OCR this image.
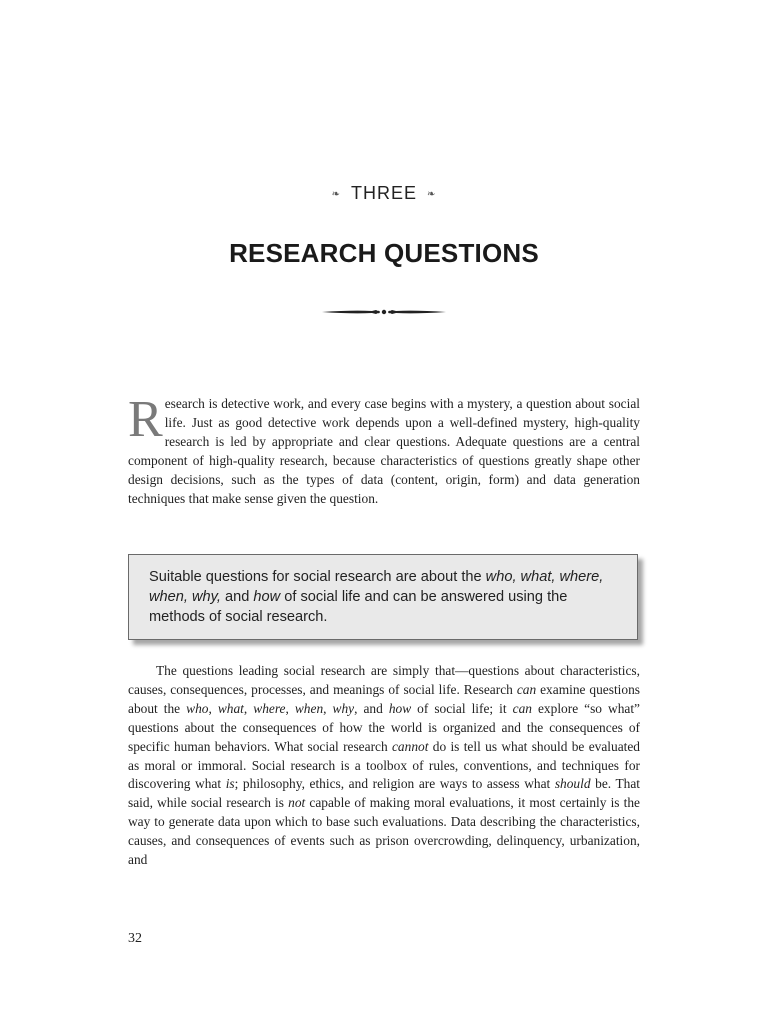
❧ THREE ❧
RESEARCH QUESTIONS
Research is detective work, and every case begins with a mystery, a question about social life. Just as good detective work depends upon a well-defined mystery, high-quality research is led by appropriate and clear questions. Adequate questions are a central component of high-quality research, because characteristics of questions greatly shape other design decisions, such as the types of data (content, origin, form) and data generation techniques that make sense given the question.
Suitable questions for social research are about the who, what, where, when, why, and how of social life and can be answered using the methods of social research.
The questions leading social research are simply that—questions about characteristics, causes, consequences, processes, and meanings of social life. Research can examine questions about the who, what, where, when, why, and how of social life; it can explore “so what” questions about the consequences of how the world is organized and the consequences of specific human behaviors. What social research cannot do is tell us what should be evaluated as moral or immoral. Social research is a toolbox of rules, conventions, and techniques for discovering what is; philosophy, ethics, and religion are ways to assess what should be. That said, while social research is not capable of making moral evaluations, it most certainly is the way to generate data upon which to base such evaluations. Data describing the characteristics, causes, and consequences of events such as prison overcrowding, delinquency, urbanization, and
32
